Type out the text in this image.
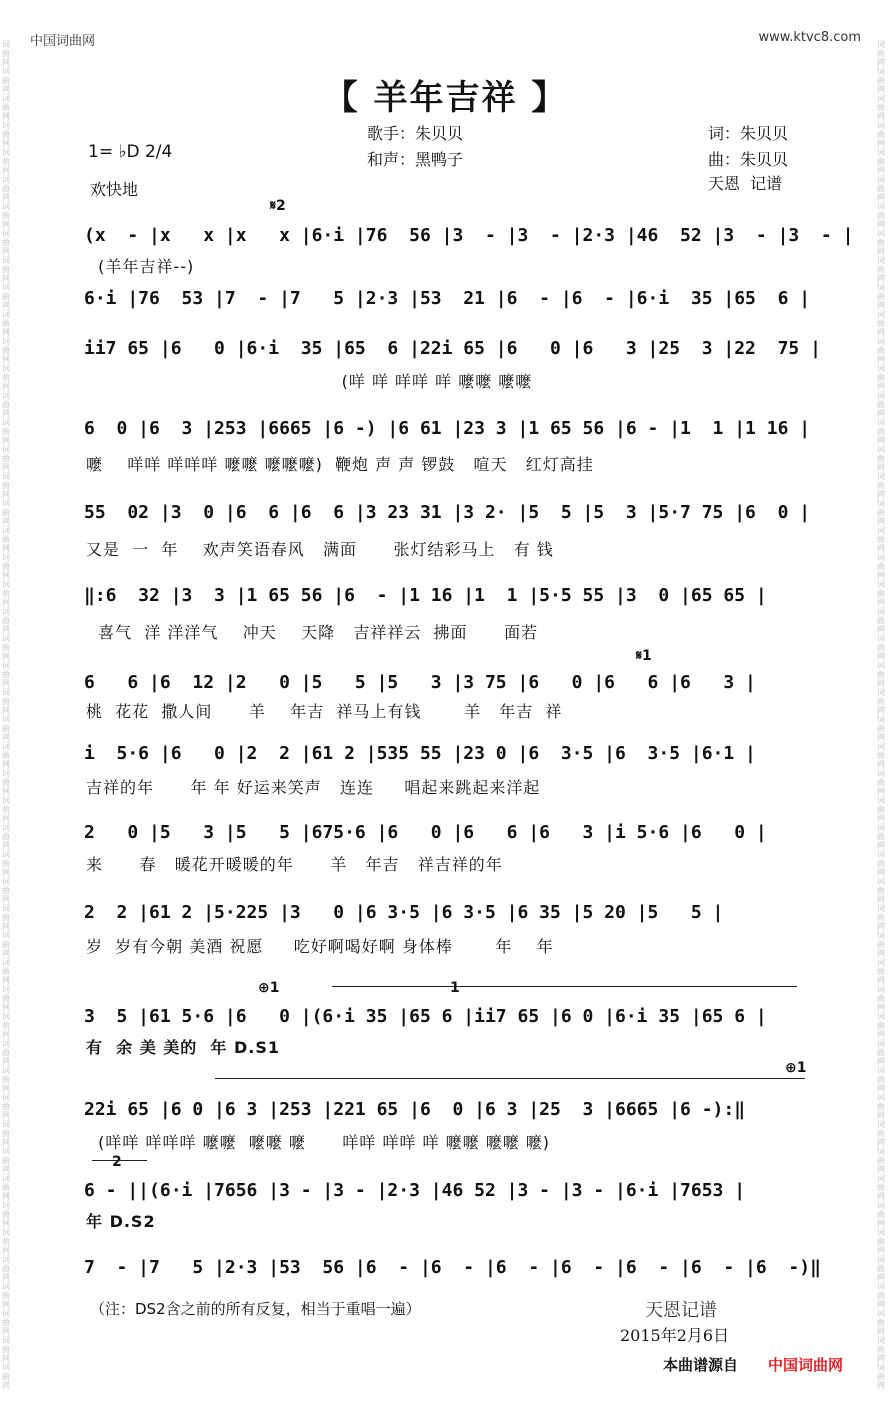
中国词曲网	www.ktvc8.com
词曲网词曲网词曲网词曲网词曲网词曲网词曲网词曲网词曲网词曲网词曲网词曲网词曲网词曲网词曲网词曲网词曲网词曲网词曲网词曲网词曲网词曲网词曲网词曲网词曲网词曲网词曲网词曲网词曲网词曲网词曲网词曲网词曲网词曲网词曲网词曲网词曲网词曲网词曲网词曲网词曲网词曲网词曲网词曲网词曲网词曲网词曲网词曲网词曲网词曲网
词曲网词曲网词曲网词曲网词曲网词曲网词曲网词曲网词曲网词曲网词曲网词曲网词曲网词曲网词曲网词曲网词曲网词曲网词曲网词曲网词曲网词曲网词曲网词曲网词曲网词曲网词曲网词曲网词曲网词曲网词曲网词曲网词曲网词曲网词曲网词曲网词曲网词曲网词曲网词曲网词曲网词曲网词曲网词曲网词曲网词曲网词曲网词曲网词曲网词曲网
【 羊年吉祥 】
歌手：朱贝贝
和声：黑鸭子
词：朱贝贝
曲：朱贝贝
天恩  记谱
1= ♭D 2/4
欢快地
𝄋2
𝄋1
⊕1
⊕1
1
2
(x  - |x   x |x   x |6·i |76  56 |3  - |3  - |2·3 |46  52 |3  - |3  - |
(羊年吉祥--)
6·i |76  53 |7  - |7   5 |2·3 |53  21 |6  - |6  - |6·i  35 |65  6 |
ii7 65 |6   0 |6·i  35 |65  6 |22i 65 |6   0 |6   3 |25  3 |22  75 |
(咩 咩 咩咩 咩 嚒嚒 嚒嚒
6  0 |6  3 |253 |6665 |6 -) |6 61 |23 3 |1 65 56 |6 - |1  1 |1 16 |
嚒    咩咩 咩咩咩 嚒嚒 嚒嚒嚒)  鞭炮 声 声 锣鼓   喧天   红灯高挂
55  02 |3  0 |6  6 |6  6 |3 23 31 |3 2· |5  5 |5  3 |5·7 75 |6  0 |
又是  一  年    欢声笑语春风   满面      张灯结彩马上   有 钱
‖:6  32 |3  3 |1 65 56 |6  - |1 16 |1  1 |5·5 55 |3  0 |65 65 |
喜气  洋 洋洋气    冲天    天降   吉祥祥云  拂面      面若
6   6 |6  12 |2   0 |5   5 |5   3 |3 75 |6   0 |6   6 |6   3 |
桃  花花  撒人间      羊    年吉  祥马上有钱       羊   年吉  祥
i  5·6 |6   0 |2  2 |61 2 |535 55 |23 0 |6  3·5 |6  3·5 |6·1 |
吉祥的年      年 年 好运来笑声   连连     唱起来跳起来洋起
2   0 |5   3 |5   5 |675·6 |6   0 |6   6 |6   3 |i 5·6 |6   0 |
来      春   暖花开暖暖的年      羊   年吉   祥吉祥的年
2  2 |61 2 |5·225 |3   0 |6 3·5 |6 3·5 |6 35 |5 20 |5   5 |
岁  岁有今朝 美酒 祝愿     吃好啊喝好啊 身体棒       年    年
3  5 |61 5·6 |6   0 |(6·i 35 |65 6 |ii7 65 |6 0 |6·i 35 |65 6 |
有  余 美 美的  年 D.S1
22i 65 |6 0 |6 3 |253 |221 65 |6  0 |6 3 |25  3 |6665 |6 -):‖
(咩咩 咩咩咩 嚒嚒  嚒嚒 嚒      咩咩 咩咩 咩 嚒嚒 嚒嚒 嚒)
6 - ||(6·i |7656 |3 - |3 - |2·3 |46 52 |3 - |3 - |6·i |7653 |
年 D.S2
7  - |7   5 |2·3 |53  56 |6  - |6  - |6  - |6  - |6  - |6  - |6  -)‖
（注：DS2含之前的所有反复，相当于重唱一遍）	天恩记谱
2015年2月6日
本曲谱源自 中国词曲网
